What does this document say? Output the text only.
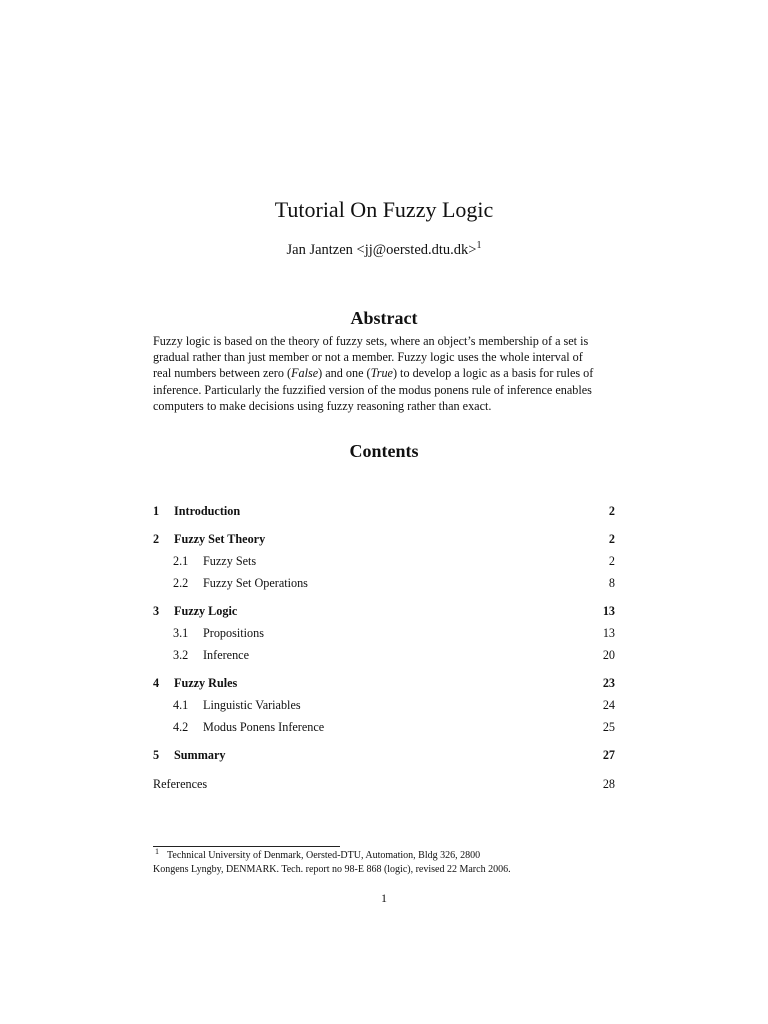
Tutorial On Fuzzy Logic
Jan Jantzen <jj@oersted.dtu.dk>$^1$
Abstract
Fuzzy logic is based on the theory of fuzzy sets, where an object’s membership of a set is
gradual rather than just member or not a member. Fuzzy logic uses the whole interval of
real numbers between zero (False) and one (True) to develop a logic as a basis for rules of
inference. Particularly the fuzzified version of the modus ponens rule of inference enables
computers to make decisions using fuzzy reasoning rather than exact.
Contents
1 Introduction	2
2 Fuzzy Set Theory	2
2.1 Fuzzy Sets	2
2.2 Fuzzy Set Operations	8
3 Fuzzy Logic	13
3.1 Propositions	13
3.2 Inference	20
4 Fuzzy Rules	23
4.1 Linguistic Variables	24
4.2 Modus Ponens Inference	25
5 Summary	27
References	28
$^1$ Technical University of Denmark, Oersted-DTU, Automation, Bldg 326, 2800
Kongens Lyngby, DENMARK. Tech. report no 98-E 868 (logic), revised 22 March 2006.
1
